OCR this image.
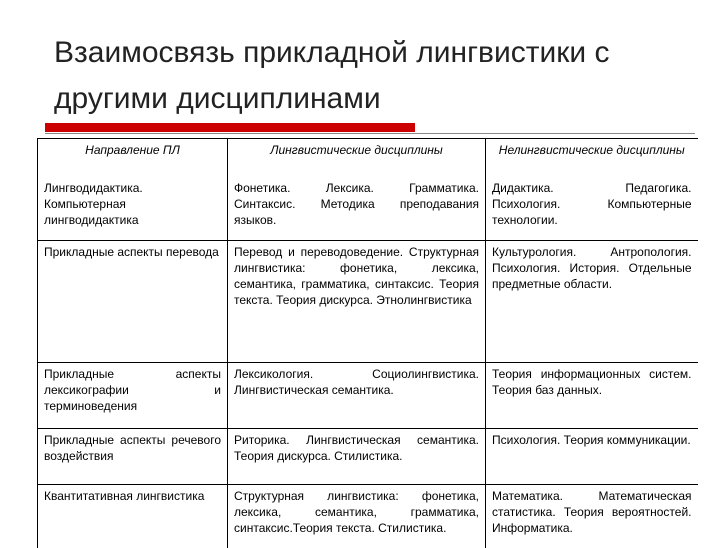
Взаимосвязь прикладной лингвистики с
другими дисциплинами
Направление ПЛ	Лингвистические дисциплины	Нелингвистические дисциплины

Лингводидактика. Компьютерная лингводидактика	Фонетика. Лексика. Грамматика. Синтаксис. Методика преподавания языков.	Дидактика. Педагогика. Психология. Компьютерные технологии.

Прикладные аспекты перевода	Перевод и переводоведение. Структурная лингвистика: фонетика, лексика, семантика, грамматика, синтаксис. Теория текста. Теория дискурса. Этнолингвистика	Культурология. Антропология. Психология. История. Отдельные предметные области.

Прикладные аспекты лексикографии и терминоведения	Лексикология. Социолингвистика. Лингвистическая семантика.	Теория информационных систем. Теория баз данных.

Прикладные аспекты речевого воздействия	Риторика. Лингвистическая семантика. Теория дискурса. Стилистика.	Психология. Теория коммуникации.

Квантитативная лингвистика	Структурная лингвистика: фонетика, лексика, семантика, грамматика, синтаксис.Теория текста. Стилистика.	Математика. Математическая статистика. Теория вероятностей. Информатика.
